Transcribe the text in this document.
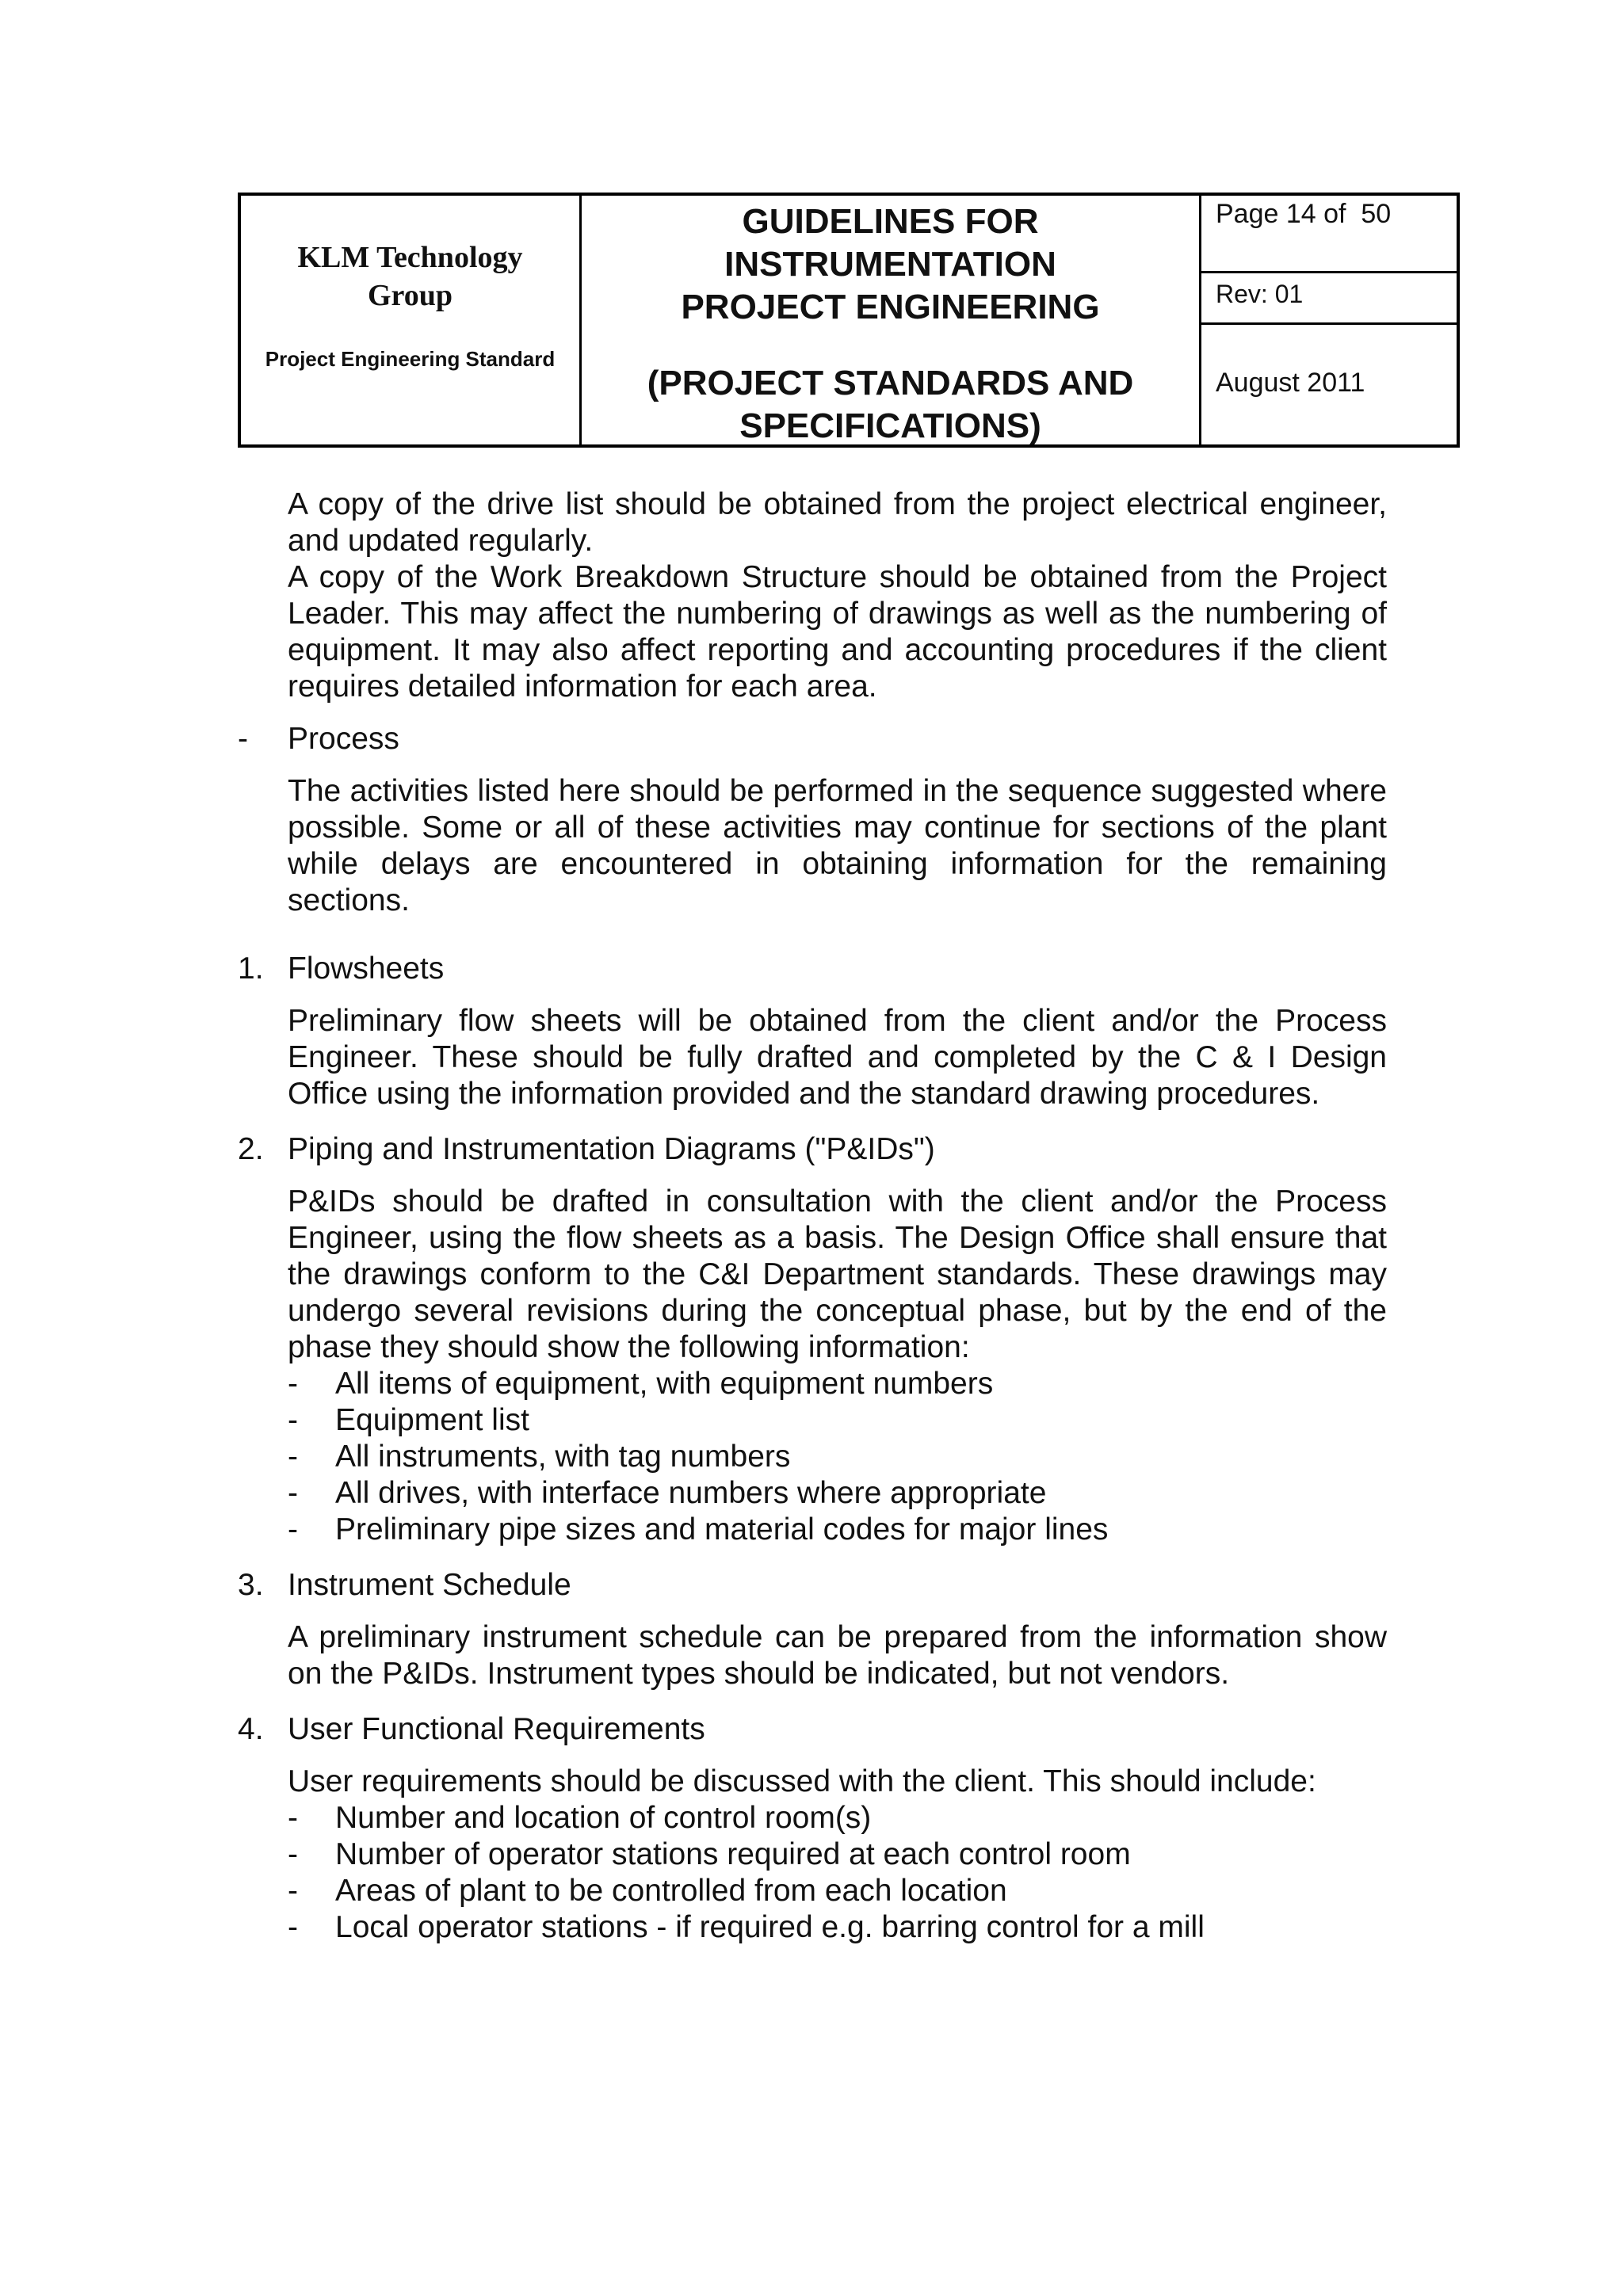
KLM Technology
Group
Project Engineering Standard
GUIDELINES FOR
INSTRUMENTATION
PROJECT ENGINEERING
(PROJECT STANDARDS AND
SPECIFICATIONS)
Page 14 of  50
Rev: 01
August 2011

A copy of the drive list should be obtained from the project electrical engineer, and updated regularly.

A copy of the Work Breakdown Structure should be obtained from the Project Leader. This may affect the numbering of drawings as well as the numbering of equipment. It may also affect reporting and accounting procedures if the client requires detailed information for each area.

-	Process

The activities listed here should be performed in the sequence suggested where possible. Some or all of these activities may continue for sections of the plant while delays are encountered in obtaining information for the remaining sections.

1. Flowsheets

Preliminary flow sheets will be obtained from the client and/or the Process Engineer. These should be fully drafted and completed by the C & I Design Office using the information provided and the standard drawing procedures.

2. Piping and Instrumentation Diagrams ("P&IDs")

P&IDs should be drafted in consultation with the client and/or the Process Engineer, using the flow sheets as a basis. The Design Office shall ensure that the drawings conform to the C&I Department standards. These drawings may undergo several revisions during the conceptual phase, but by the end of the phase they should show the following information:

- All items of equipment, with equipment numbers
- Equipment list
- All instruments, with tag numbers
- All drives, with interface numbers where appropriate
- Preliminary pipe sizes and material codes for major lines
3. Instrument Schedule

A preliminary instrument schedule can be prepared from the information show on the P&IDs. Instrument types should be indicated, but not vendors.

4. User Functional Requirements

User requirements should be discussed with the client. This should include:

- Number and location of control room(s)
- Number of operator stations required at each control room
- Areas of plant to be controlled from each location
- Local operator stations - if required e.g. barring control for a mill
